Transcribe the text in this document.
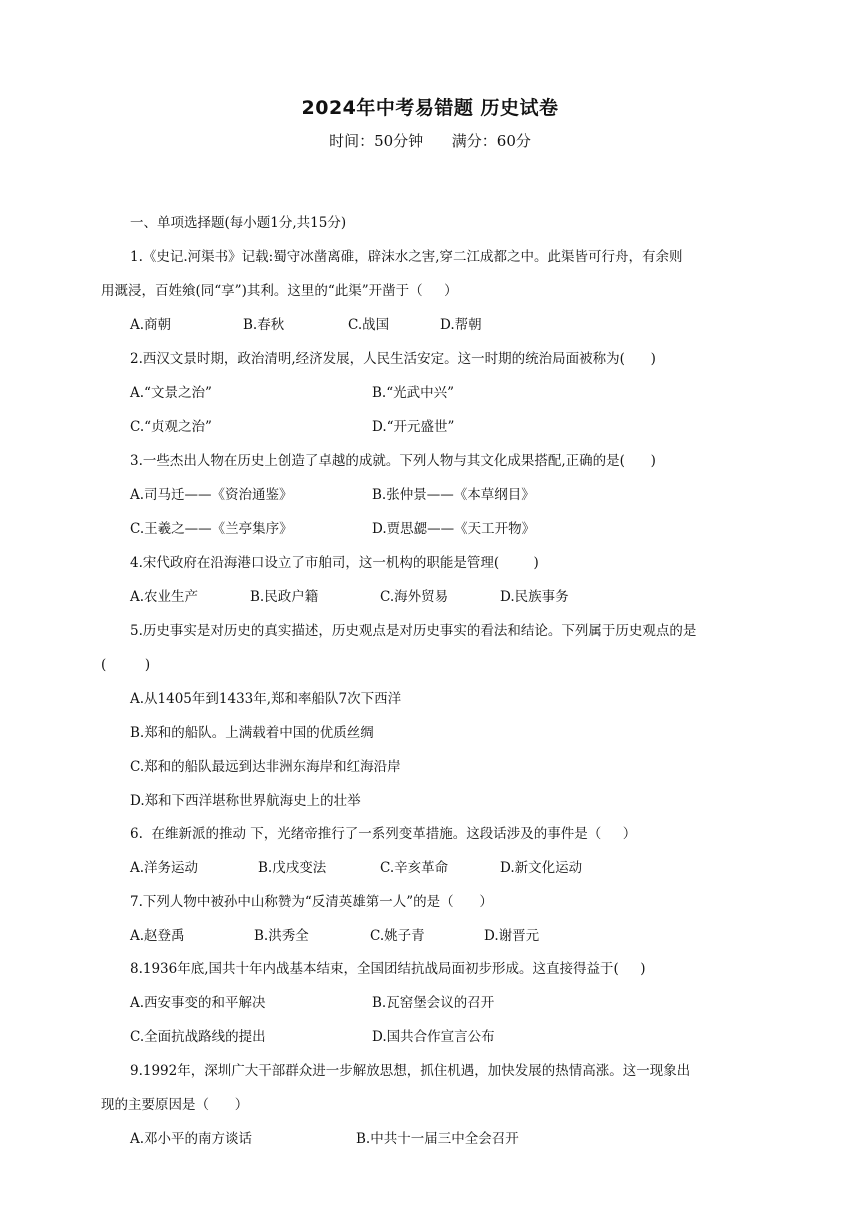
2024年中考易错题 历史试卷
时间：50分钟      满分：60分
一、单项选择题(每小题1分,共15分)
1.《史记.河渠书》记载:蜀守冰凿离碓，辟沫水之害,穿二江成都之中。此渠皆可行舟，有余则
用溉浸，百姓飨(同“享”)其利。这里的“此渠”开凿于（     ）
A.商朝	B.春秋	C.战国	D.帮朝
2.西汉文景时期，政治清明,经济发展，人民生活安定。这一时期的统治局面被称为(      )
A.“文景之治”	B.“光武中兴”
C.“贞观之治”	D.“开元盛世”
3.一些杰出人物在历史上创造了卓越的成就。下列人物与其文化成果搭配,正确的是(      )
A.司马迁——《资治通鉴》	B.张仲景——《本草纲目》
C.王羲之——《兰亭集序》	D.贾思勰——《天工开物》
4.宋代政府在沿海港口设立了市舶司，这一机构的职能是管理(        )
A.农业生产	B.民政户籍	C.海外贸易	D.民族事务
5.历史事实是对历史的真实描述，历史观点是对历史事实的看法和结论。下列属于历史观点的是
(         )
A.从1405年到1433年,郑和率船队7次下西洋
B.郑和的船队。上满载着中国的优质丝绸
C.郑和的船队最远到达非洲东海岸和红海沿岸
D.郑和下西洋堪称世界航海史上的壮举
6.  在维新派的推动 下，光绪帝推行了一系列变革措施。这段话涉及的事件是（     ）
A.洋务运动	B.戊戌变法	C.辛亥革命	D.新文化运动
7.下列人物中被孙中山称赞为“反清英雄第一人”的是（      ）
A.赵登禹	B.洪秀全	C.姚子青	D.谢晋元
8.1936年底,国共十年内战基本结束，全国团结抗战局面初步形成。这直接得益于(     )
A.西安事变的和平解决	B.瓦窑堡会议的召开
C.全面抗战路线的提出	D.国共合作宣言公布
9.1992年，深圳广大干部群众进一步解放思想，抓住机遇，加快发展的热情高涨。这一现象出
现的主要原因是（      ）
A.邓小平的南方谈话	B.中共十一届三中全会召开
